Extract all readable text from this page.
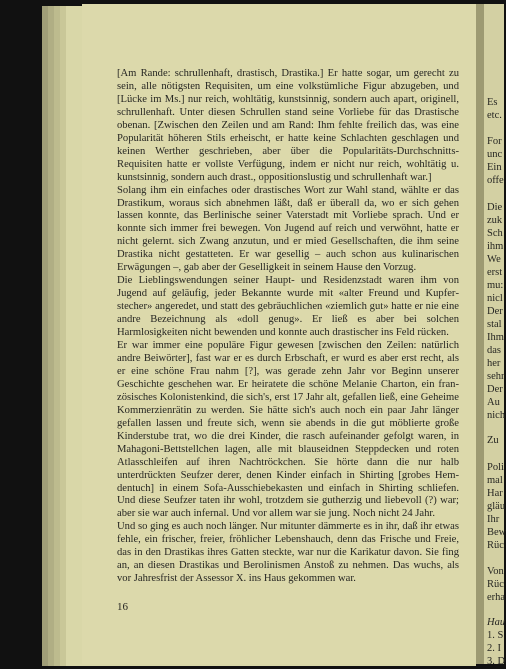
[Am Rande: schrullenhaft, drastisch, Drastika.] Er hatte sogar, um gerecht zu sein, alle nötigsten Requisiten, um eine volkstümliche Figur abzugeben, und [Lücke im Ms.] nur reich, wohltätig, kunstsinnig, sondern auch apart, originell, schrullenhaft. Unter diesen Schrullen stand seine Vorliebe für das Drastische obenan. [Zwischen den Zeilen und am Rand: Ihm fehlte freilich das, was eine Popularität höheren Stils erheischt, er hatte keine Schlachten geschlagen und keinen Werther geschrieben, aber über die Popularitäts-Durchschnitts-Requisiten hatte er vollste Verfügung, indem er nicht nur reich, wohltätig u. kunstsinnig, sondern auch drast., oppositionslustig und schrullenhaft war.]

Solang ihm ein einfaches oder drastisches Wort zur Wahl stand, wählte er das Drastikum, woraus sich abnehmen läßt, daß er überall da, wo er sich gehen lassen konnte, das Berlinische seiner Vaterstadt mit Vorliebe sprach. Und er konnte sich immer frei bewegen. Von Jugend auf reich und verwöhnt, hatte er nicht gelernt. sich Zwang anzutun, und er mied Gesellschaften, die ihm seine Drastika nicht gestatteten. Er war gesellig – auch schon aus kulinarischen Erwägungen –, gab aber der Geselligkeit in seinem Hause den Vorzug.

Die Lieblingswendungen seiner Haupt- und Residenzstadt waren ihm von Jugend auf geläufig, jeder Bekannte wurde mit «alter Freund und Kupferstecher» angeredet, und statt des gebräuchlichen «ziemlich gut» hatte er nie eine andre Bezeichnung als «doll genug». Er ließ es aber bei solchen Harmlosigkeiten nicht bewenden und konnte auch drastischer ins Feld rücken.

Er war immer eine populäre Figur gewesen [zwischen den Zeilen: natürlich andre Beiwörter], fast war er es durch Erbschaft, er wurd es aber erst recht, als er eine schöne Frau nahm [?], was gerade zehn Jahr vor Beginn unserer Geschichte geschehen war. Er heiratete die schöne Melanie Charton, ein französisches Kolonistenkind, die sich's, erst 17 Jahr alt, gefallen ließ, eine Geheime Kommerzienrätin zu werden. Sie hätte sich's auch noch ein paar Jahr länger gefallen lassen und freute sich, wenn sie abends in die gut möblierte große Kinderstube trat, wo die drei Kinder, die rasch aufeinander gefolgt waren, in Mahagoni-Bettstellchen lagen, alle mit blauseidnen Steppdecken und roten Atlasschleifen auf ihren Nachtröckchen. Sie hörte dann die nur halb unterdrückten Seufzer derer, denen Kinder einfach in Shirting [grobes Hemdentuch] in einem Sofa-Ausschiebekasten und einfach in Shirting schliefen. Und diese Seufzer taten ihr wohl, trotzdem sie gutherzig und liebevoll (?) war; aber sie war auch infernal. Und vor allem war sie jung. Noch nicht 24 Jahr.

Und so ging es auch noch länger. Nur mitunter dämmerte es in ihr, daß ihr etwas fehle, ein frischer, freier, fröhlicher Lebenshauch, denn das Frische und Freie, das in den Drastikas ihres Gatten steckte, war nur die Karikatur davon. Sie fing an, an diesen Drastikas und Berolinismen Anstoß zu nehmen. Das wuchs, als vor Jahresfrist der Assessor X. ins Haus gekommen war.

16
Es
etc.
For
unc
Ein
offe
Die
zuk
Sch
ihm
We
erst
mu:
nicl
Der
stal
Ihm
das
her
sehr
Der
Au
nich
Zu
Poli
mal
Har
gläu
Ihr
Bew
Rüc
Von
Rüc
erha
Hau
1. S
2. I
3. D
